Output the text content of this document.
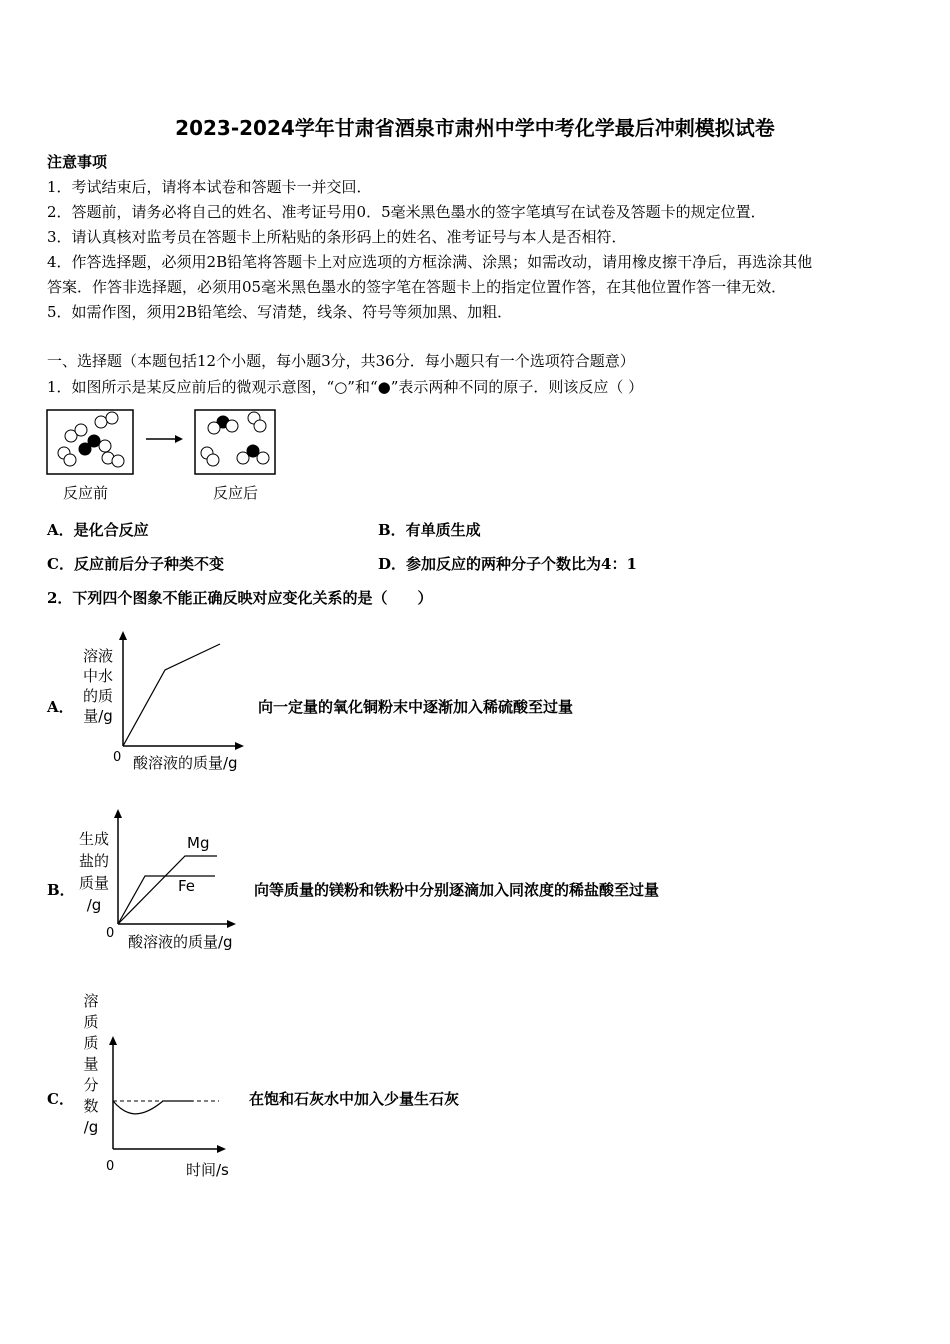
2023-2024学年甘肃省酒泉市肃州中学中考化学最后冲刺模拟试卷
注意事项
1．考试结束后，请将本试卷和答题卡一并交回．
2．答题前，请务必将自己的姓名、准考证号用0．5毫米黑色墨水的签字笔填写在试卷及答题卡的规定位置．
3．请认真核对监考员在答题卡上所粘贴的条形码上的姓名、准考证号与本人是否相符．
4．作答选择题，必须用2B铅笔将答题卡上对应选项的方框涂满、涂黑；如需改动，请用橡皮擦干净后，再选涂其他
答案．作答非选择题，必须用05毫米黑色墨水的签字笔在答题卡上的指定位置作答，在其他位置作答一律无效．
5．如需作图，须用2B铅笔绘、写清楚，线条、符号等须加黑、加粗．
一、选择题（本题包括12个小题，每小题3分，共36分．每小题只有一个选项符合题意）
1．如图所示是某反应前后的微观示意图，“○”和“●”表示两种不同的原子．则该反应（ ）
反应前	反应后
A．是化合反应	B．有单质生成
C．反应前后分子种类不变	D．参加反应的两种分子个数比为4：1
2．下列四个图象不能正确反映对应变化关系的是（　　）
A．
溶液
中水
的质
量/g
0 酸溶液的质量/g
向一定量的氧化铜粉末中逐渐加入稀硫酸至过量
B．
生成
盐的
质量
/g
Mg
Fe
0 酸溶液的质量/g
向等质量的镁粉和铁粉中分别逐滴加入同浓度的稀盐酸至过量
C．
溶
质
质
量
分
数
/g
0	时间/s
在饱和石灰水中加入少量生石灰
